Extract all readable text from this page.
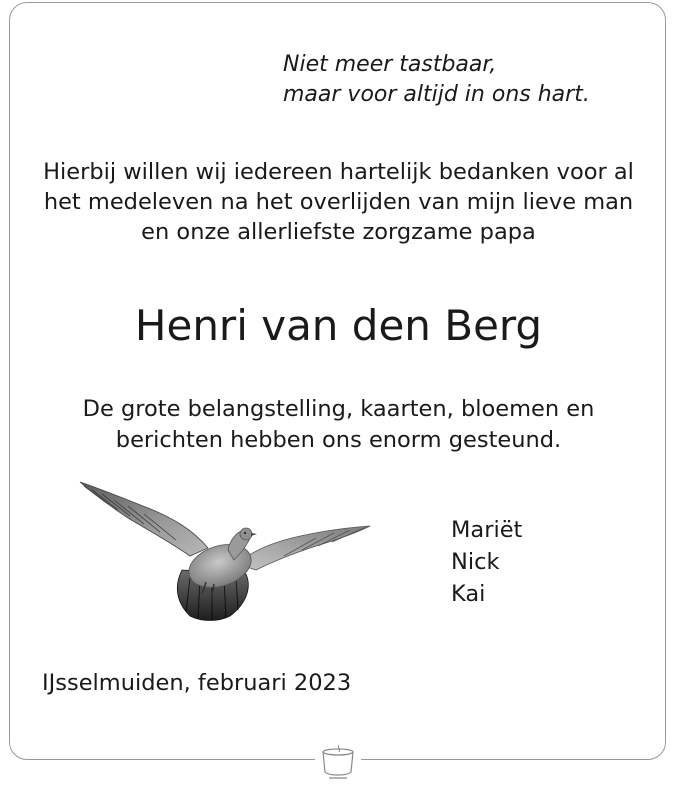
Niet meer tastbaar,
maar voor altijd in ons hart.
Hierbij willen wij iedereen hartelijk bedanken voor al
het medeleven na het overlijden van mijn lieve man
en onze allerliefste zorgzame papa
Henri van den Berg
De grote belangstelling, kaarten, bloemen en
berichten hebben ons enorm gesteund.
Mariët
Nick
Kai
IJsselmuiden, februari 2023
